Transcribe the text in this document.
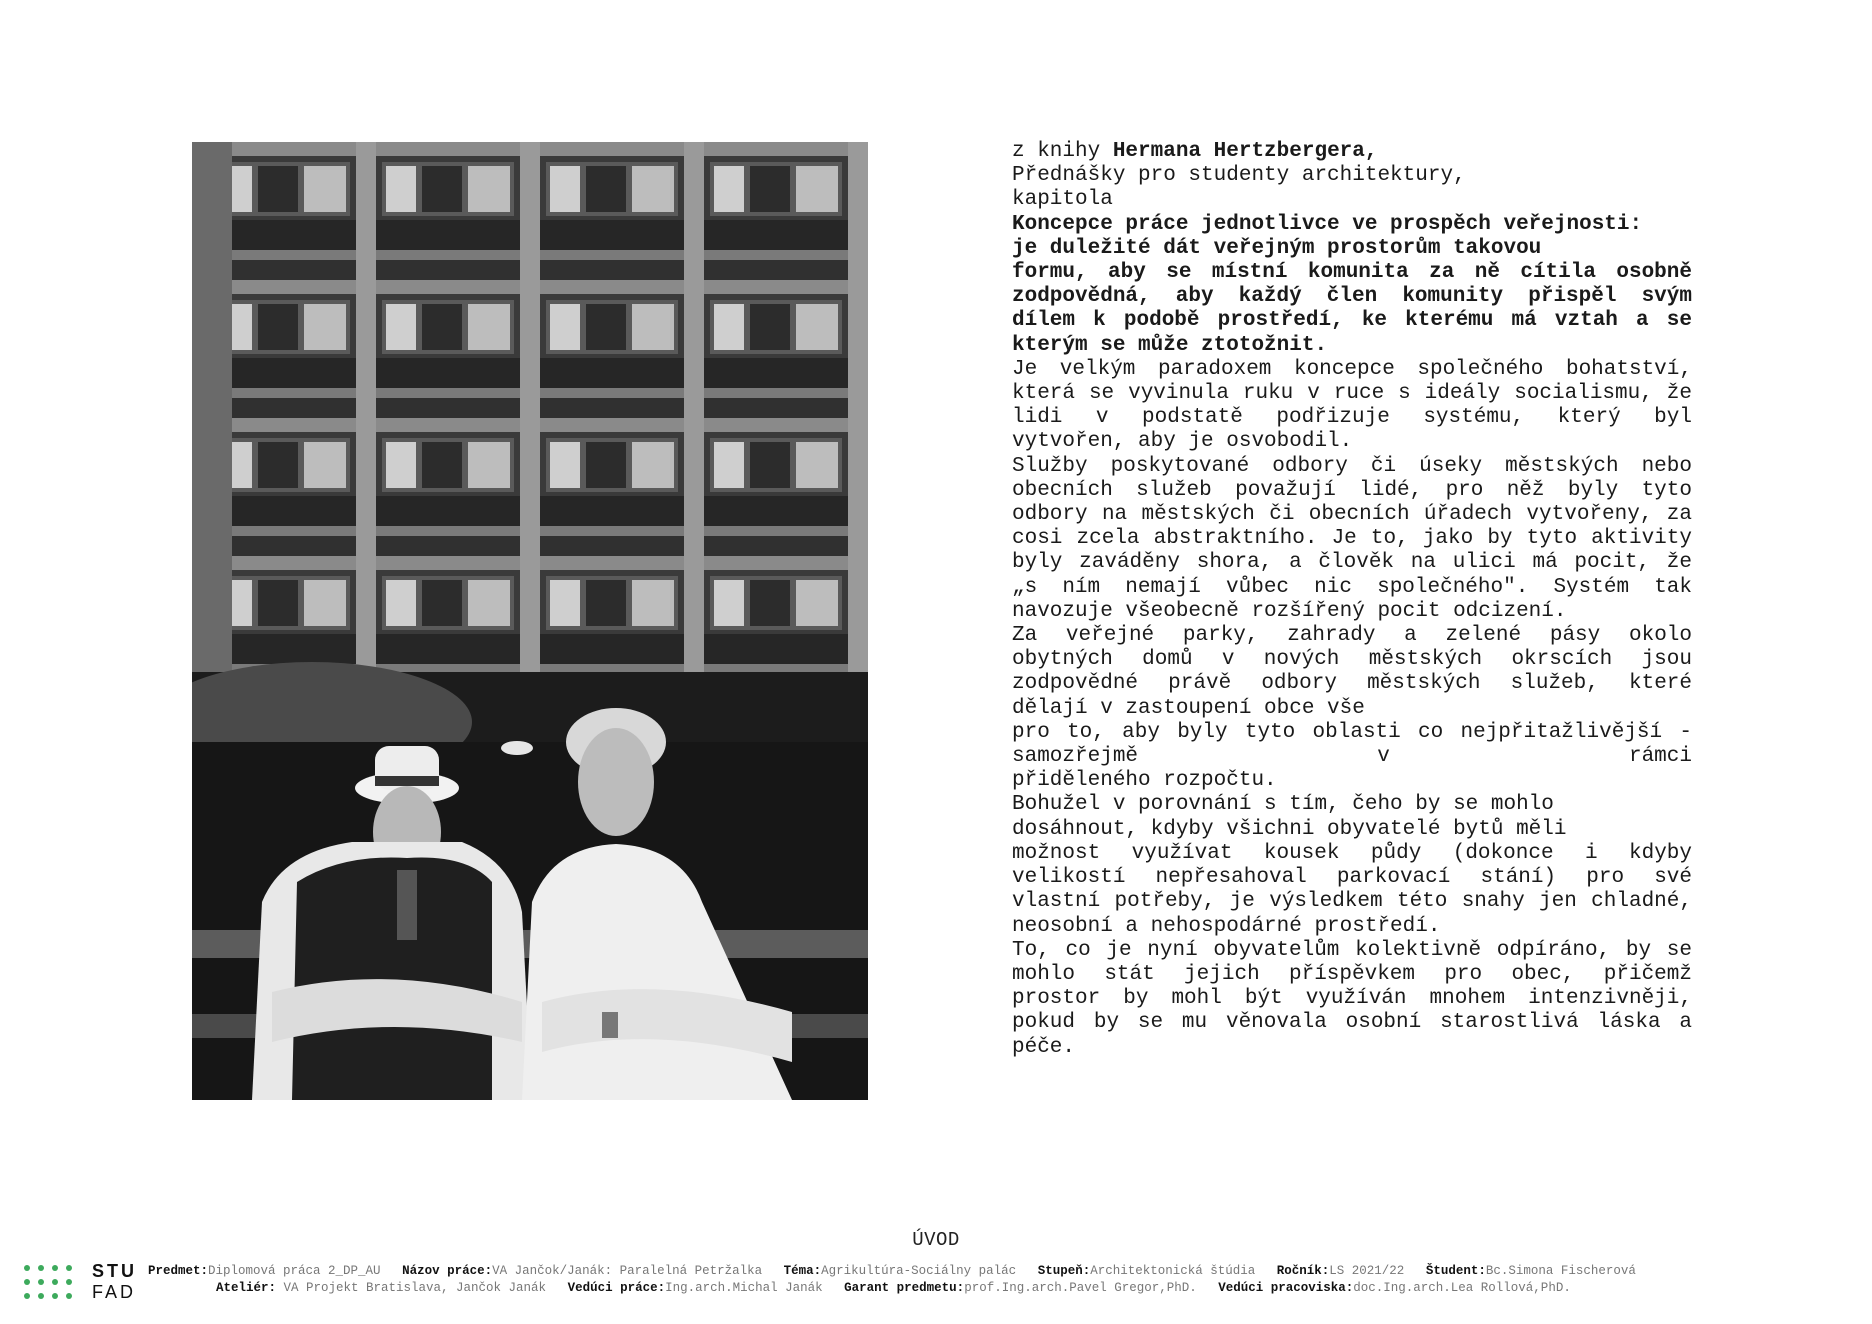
z knihy Hermana Hertzbergera,

Přednášky pro studenty architektury,

kapitola

Koncepce práce jednotlivce ve prospěch veřejnosti:

je duležité dát veřejným prostorům takovou

formu, aby se místní komunita za ně cítila osobně zodpovědná, aby každý člen komunity přispěl svým dílem k podobě prostředí, ke kterému má vztah a se kterým se může ztotožnit.

Je velkým paradoxem koncepce společného bohatství, která se vyvinula ruku v ruce s ideály socialismu, že lidi v podstatě podřizuje systému, který byl vytvořen, aby je osvobodil.

Služby poskytované odbory či úseky městských nebo obecních služeb považují lidé, pro něž byly tyto odbory na městských či obecních úřadech vytvořeny, za cosi zcela abstraktního. Je to, jako by tyto aktivity byly zaváděny shora, a člověk na ulici má pocit, že „s ním nemají vůbec nic společného". Systém tak navozuje všeobecně rozšířený pocit odcizení.

Za veřejné parky, zahrady a zelené pásy okolo obytných domů v nových městských okrscích jsou zodpovědné právě odbory městských služeb, které dělají v zastoupení obce vše

pro to, aby byly tyto oblasti co nejpřitažlivější - samozřejmě v rámci

přiděleného rozpočtu.

Bohužel v porovnání s tím, čeho by se mohlo

dosáhnout, kdyby všichni obyvatelé bytů měli

možnost využívat kousek půdy (dokonce i kdyby velikostí nepřesahoval parkovací stání) pro své vlastní potřeby, je výsledkem této snahy jen chladné, neosobní a nehospodárné prostředí.

To, co je nyní obyvatelům kolektivně odpíráno, by se mohlo stát jejich příspěvkem pro obec, přičemž prostor by mohl být využíván mnohem intenzivněji, pokud by se mu věnovala osobní starostlivá láska a péče.

ÚVOD
STU
FAD
Predmet:Diplomová práca 2_DP_AU Názov práce:VA Jančok/Janák: Paralelná Petržalka Téma:Agrikultúra-Sociálny palác Stupeň:Architektonická štúdia Ročník:LS 2021/22 Študent:Bc.Simona Fischerová
Ateliér: VA Projekt Bratislava, Jančok Janák Vedúci práce:Ing.arch.Michal Janák Garant predmetu:prof.Ing.arch.Pavel Gregor,PhD. Vedúci pracoviska:doc.Ing.arch.Lea Rollová,PhD.
